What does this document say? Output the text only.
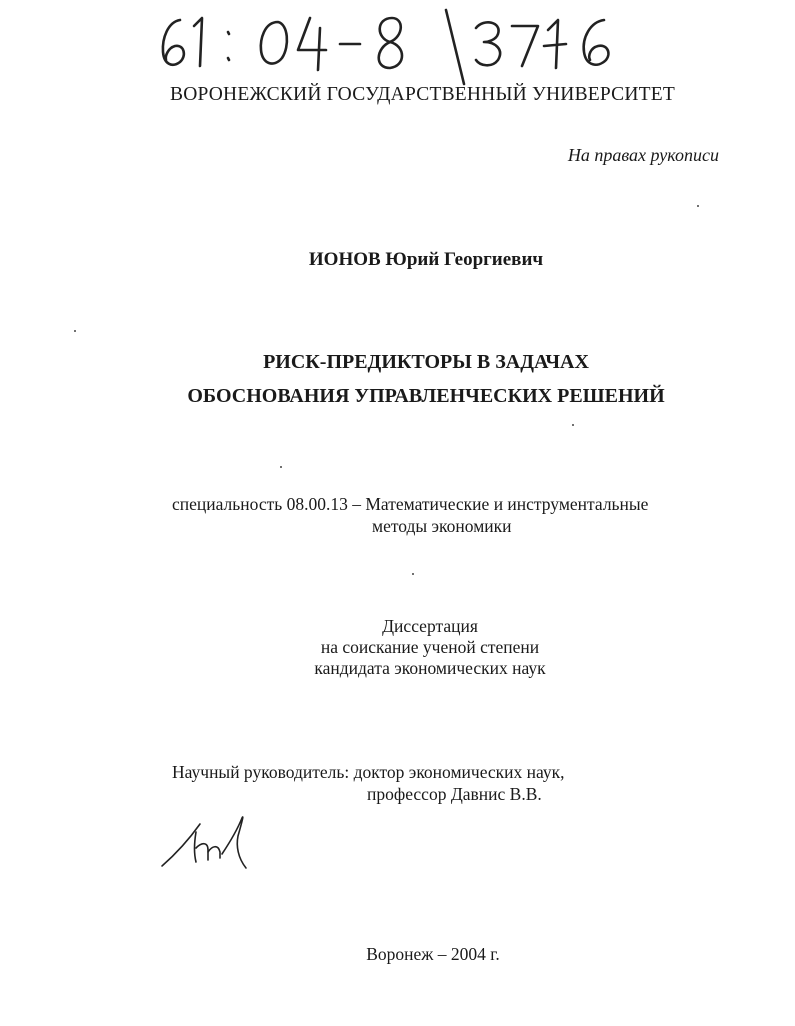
ВОРОНЕЖСКИЙ ГОСУДАРСТВЕННЫЙ УНИВЕРСИТЕТ
На правах рукописи
ИОНОВ Юрий Георгиевич
РИСК-ПРЕДИКТОРЫ В ЗАДАЧАХ
ОБОСНОВАНИЯ УПРАВЛЕНЧЕСКИХ РЕШЕНИЙ
специальность 08.00.13 – Математические и инструментальные
методы экономики
Диссертация
на соискание ученой степени
кандидата экономических наук
Научный руководитель: доктор экономических наук,
профессор Давнис В.В.
Воронеж – 2004 г.
